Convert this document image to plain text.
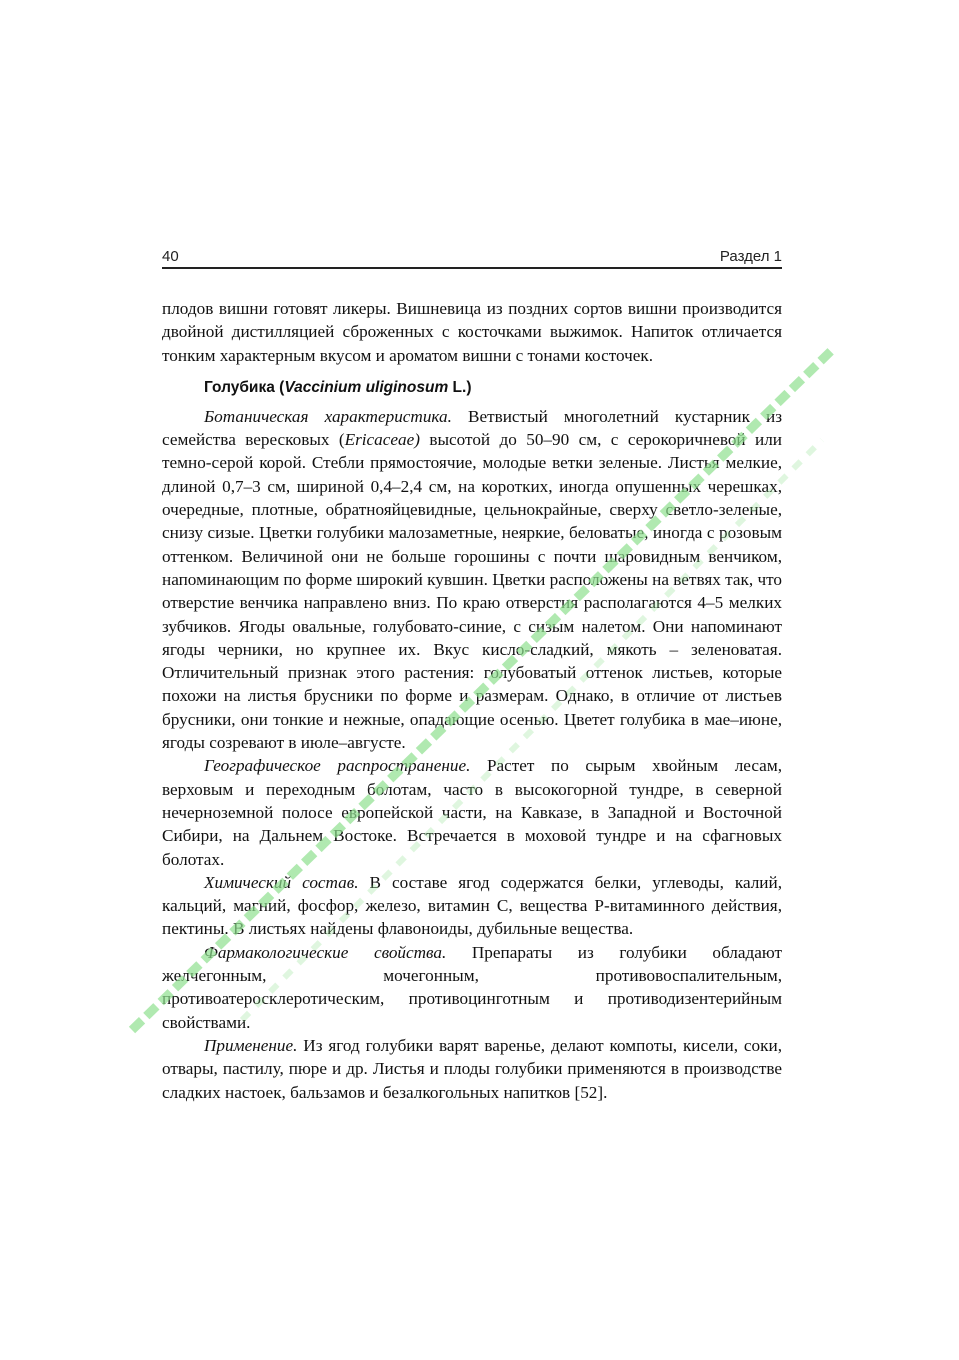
40	Раздел 1

плодов вишни готовят ликеры. Вишневица из поздних сортов вишни производится двойной дистилляцией сброженных с косточками выжимок. Напиток отличается тонким характерным вкусом и ароматом вишни с тонами косточек.

Голубика (Vaccinium uliginosum L.)

Ботаническая характеристика. Ветвистый многолетний кустарник из семейства вересковых (Ericaceae) высотой до 50–90 см, с серокоричневой или темно-серой корой. Стебли прямостоячие, молодые ветки зеленые. Листья мелкие, длиной 0,7–3 см, шириной 0,4–2,4 см, на коротких, иногда опушенных черешках, очередные, плотные, обратнояйцевидные, цельнокрайные, сверху светло-зеленые, снизу сизые. Цветки голубики малозаметные, неяркие, беловатые, иногда с розовым оттенком. Величиной они не больше горошины с почти шаровидным венчиком, напоминающим по форме широкий кувшин. Цветки расположены на ветвях так, что отверстие венчика направлено вниз. По краю отверстия располагаются 4–5 мелких зубчиков. Ягоды овальные, голубовато-синие, с сизым налетом. Они напоминают ягоды черники, но крупнее их. Вкус кисло-сладкий, мякоть – зеленоватая. Отличительный признак этого растения: голубоватый оттенок листьев, которые похожи на листья брусники по форме и размерам. Однако, в отличие от листьев брусники, они тонкие и нежные, опадающие осенью. Цветет голубика в мае–июне, ягоды созревают в июле–августе.

Географическое распространение. Растет по сырым хвойным лесам, верховым и переходным болотам, часто в высокогорной тундре, в северной нечерноземной полосе европейской части, на Кавказе, в Западной и Восточной Сибири, на Дальнем Востоке. Встречается в моховой тундре и на сфагновых болотах.

Химический состав. В составе ягод содержатся белки, углеводы, калий, кальций, магний, фосфор, железо, витамин С, вещества Р-витаминного действия, пектины. В листьях найдены флавоноиды, дубильные вещества.

Фармакологические свойства. Препараты из голубики обладают желчегонным, мочегонным, противовоспалительным, противоатеросклеротическим, противоцинготным и противодизентерийным свойствами.

Применение. Из ягод голубики варят варенье, делают компоты, кисели, соки, отвары, пастилу, пюре и др. Листья и плоды голубики применяются в производстве сладких настоек, бальзамов и безалкогольных напитков [52].
